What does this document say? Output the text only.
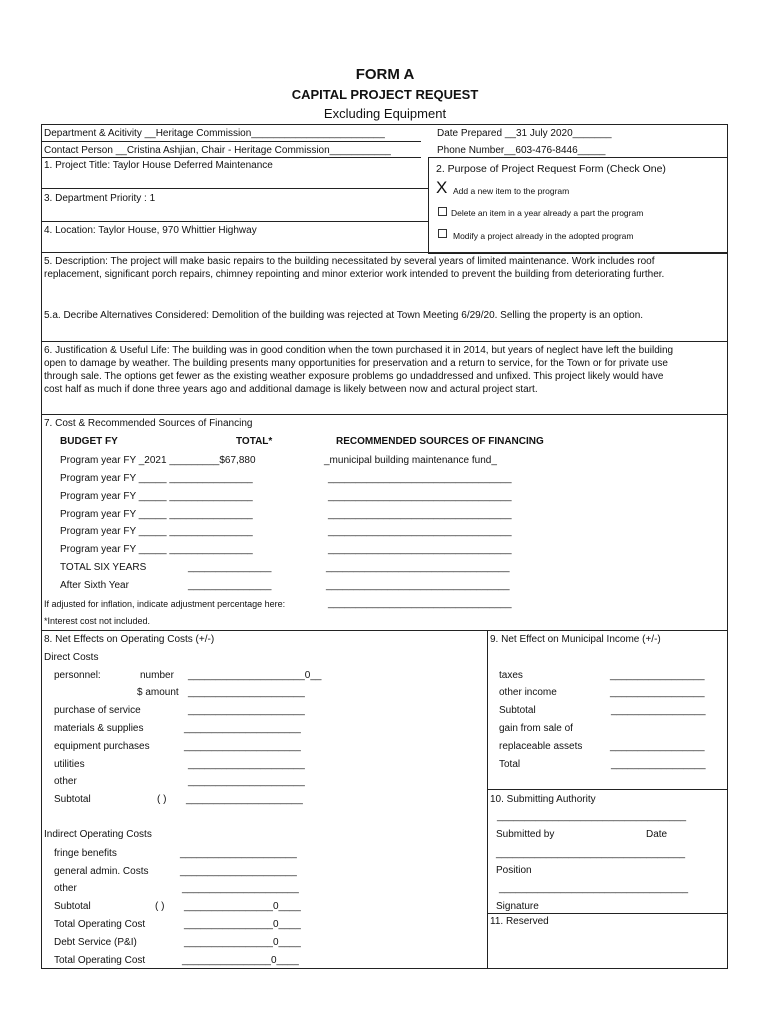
FORM A
CAPITAL PROJECT REQUEST
Excluding Equipment
Department & Acitivity __Heritage Commission________________________	Date Prepared __31 July 2020_______
Contact Person __Cristina Ashjian, Chair - Heritage Commission___________	Phone Number__603-476-8446_____
1. Project Title: Taylor House Deferred Maintenance
3. Department Priority : 1
4. Location: Taylor House, 970 Whittier Highway
2. Purpose of Project Request Form (Check One)
X Add a new item to the program
Delete an item in a year already a part the program
Modify a project already in the adopted program
5. Description: The project will make basic repairs to the building necessitated by several years of limited maintenance. Work includes roof
replacement, significant porch repairs, chimney repointing and minor exterior work intended to prevent the building from deteriorating further.
5.a. Decribe Alternatives Considered: Demolition of the building was rejected at Town Meeting 6/29/20. Selling the property is an option.
6. Justification & Useful Life: The building was in good condition when the town purchased it in 2014, but years of neglect have left the building
open to damage by weather. The building presents many opportunities for preservation and a return to service, for the Town or for private use
through sale. The options get fewer as the existing weather exposure problems go undaddressed and unfixed. This project likely would have
cost half as much if done three years ago and additional damage is likely between now and actural project start.
7. Cost & Recommended Sources of Financing
BUDGET FY	TOTAL*	RECOMMENDED SOURCES OF FINANCING
Program year FY _2021 _________$67,880	_municipal building maintenance fund_
Program year FY _____ _______________	_________________________________
Program year FY _____ _______________	_________________________________
Program year FY _____ _______________	_________________________________
Program year FY _____ _______________	_________________________________
Program year FY _____ _______________	_________________________________
TOTAL SIX YEARS	_______________	_________________________________
After Sixth Year	_______________	_________________________________
If adjusted for inflation, indicate adjustment percentage here:	_________________________________
*Interest cost not included.
8. Net Effects on Operating Costs (+/-)
Direct Costs
personnel:	number _____________________0__
$ amount _____________________
purchase of service	_____________________
materials & supplies	_____________________
equipment purchases	_____________________
utilities	_____________________
other	_____________________
Subtotal	( ) _____________________
Indirect Operating Costs
fringe benefits	_____________________
general admin. Costs	_____________________
other	_____________________
Subtotal	( ) ________________0____
Total Operating Cost	________________0____
Debt Service (P&I)	________________0____
Total Operating Cost	________________0____
9. Net Effect on Municipal Income (+/-)
taxes	_________________
other income	_________________
Subtotal	_________________
gain from sale of
replaceable assets	_________________
Total	_________________
10. Submitting Authority
__________________________________
Submitted by	Date
__________________________________
Position
__________________________________
Signature
11. Reserved
